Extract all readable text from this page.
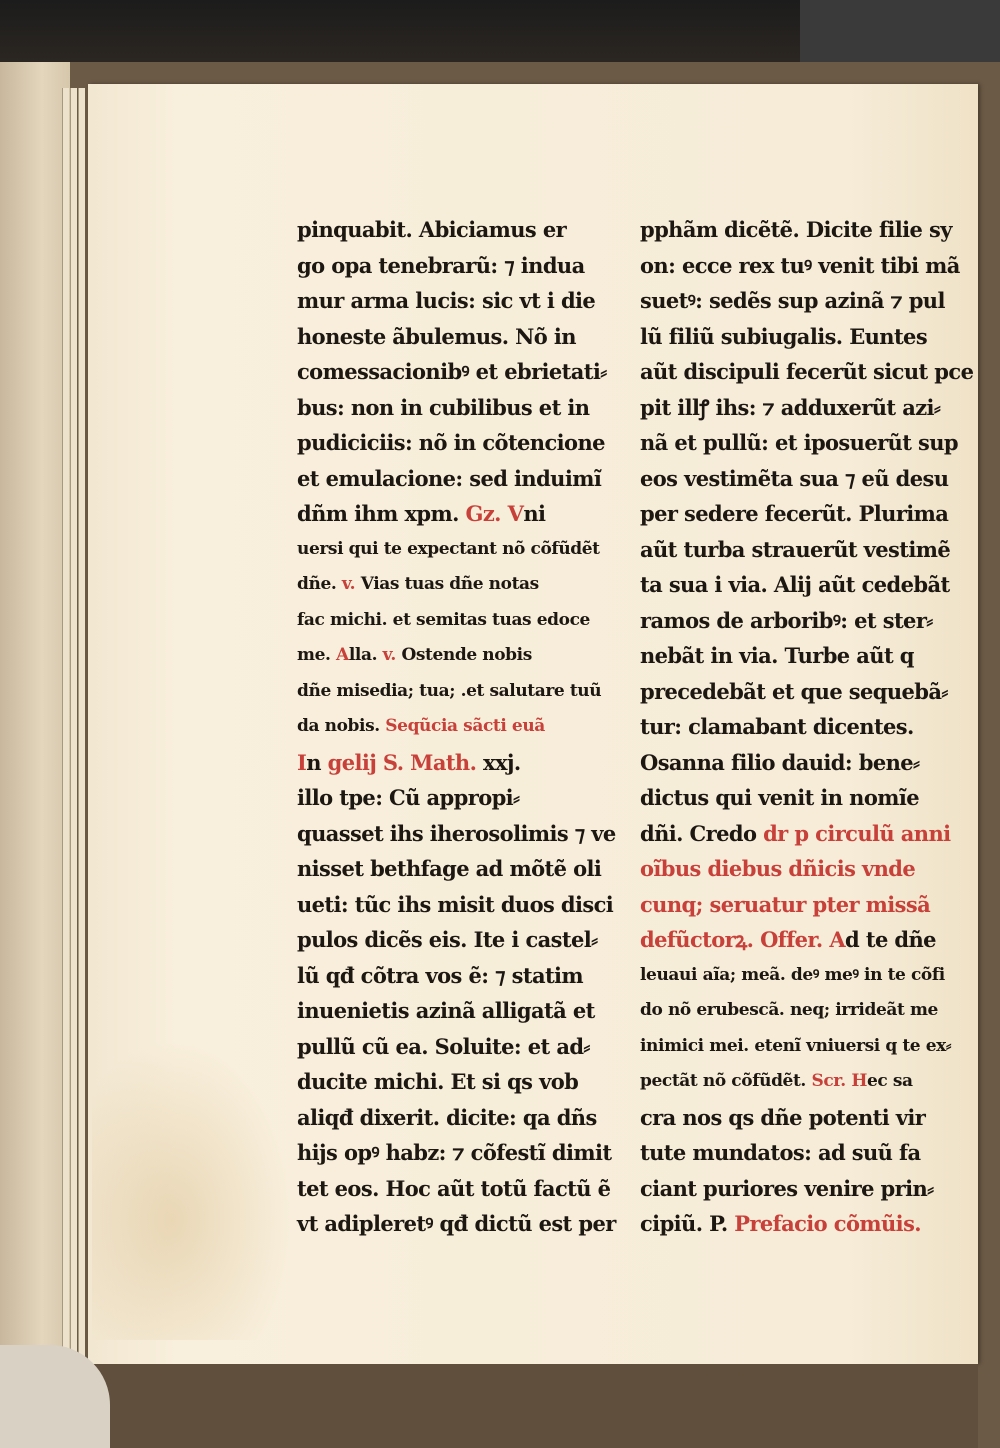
pinquabit. Abiciamus er
go opa tenebrarũ: ⁊ indua
mur arma lucis: sic vt i die
honeste ãbulemus. Nõ in
comessacionibꝰ et ebrietati⸗
bus: non in cubilibus et in
pudiciciis: nõ in cõtencione
et emulacione: sed induimĩ
dñm ihm xpm. Gz. Vni
uersi qui te expectant nõ cõfũdẽt
dñe. v. Vias tuas dñe notas
fac michi. et semitas tuas edoce
me. Alla. v. Ostende nobis
dñe misedia; tua; .et salutare tuũ
da nobis. Seqũcia sãcti euã
In gelij S. Math. xxj.
illo tpe: Cũ appropi⸗
quasset ihs iherosolimis ⁊ ve
nisset bethfage ad mõtẽ oli
ueti: tũc ihs misit duos disci
pulos dicẽs eis. Ite i castel⸗
lũ qđ cõtra vos ẽ: ⁊ statim
inuenietis azinã alligatã et
pullũ cũ ea. Soluite: et ad⸗
ducite michi. Et si qs vob
aliqđ dixerit. dicite: qa dñs
hijs opꝰ habz: ⁊ cõfestĩ dimit
tet eos. Hoc aũt totũ factũ ẽ
vt adipleretꝰ qđ dictũ est per
pphãm dicẽtẽ. Dicite filie sy
on: ecce rex tuꝰ venit tibi mã
suetꝰ: sedẽs sup azinã ⁊ pul
lũ filiũ subiugalis. Euntes
aũt discipuli fecerũt sicut pce
pit illꝭ ihs: ⁊ adduxerũt azi⸗
nã et pullũ: et iposuerũt sup
eos vestimẽta sua ⁊ eũ desu
per sedere fecerũt. Plurima
aũt turba strauerũt vestimẽ
ta sua i via. Alij aũt cedebãt
ramos de arboribꝰ: et ster⸗
nebãt in via. Turbe aũt q
precedebãt et que sequebã⸗
tur: clamabant dicentes.
Osanna filio dauid: bene⸗
dictus qui venit in nomĩe
dñi. Credo dr p circulũ anni
oĩbus diebus dñicis vnde
cunq; seruatur pter missã
defũctorꝝ. Offer. Ad te dñe
leuaui aĩa; meã. deꝰ meꝰ in te cõfi
do nõ erubescã. neq; irrideãt me
inimici mei. etenĩ vniuersi q te ex⸗
pectãt nõ cõfũdẽt. Scr. Hec sa
cra nos qs dñe potenti vir
tute mundatos: ad suũ fa
ciant puriores venire prin⸗
cipiũ. P. Prefacio cõmũis.
